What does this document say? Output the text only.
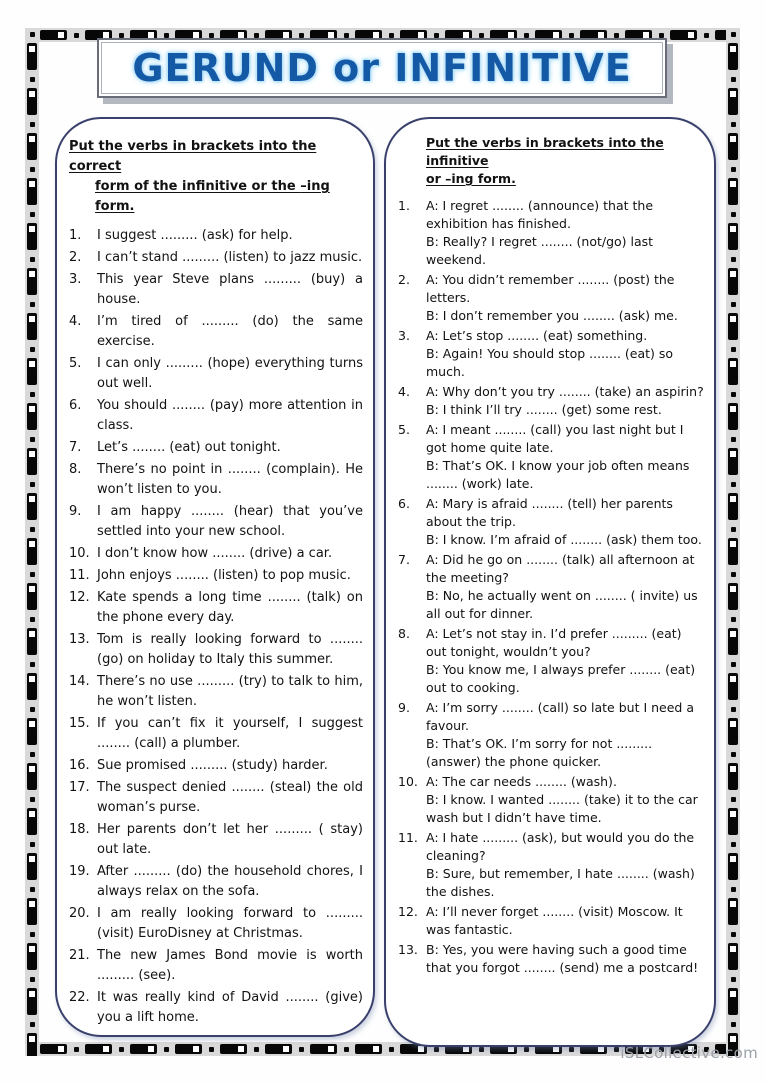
GERUND or INFINITIVE
Put the verbs in brackets into the correct
form of the infinitive or the –ing form.
1.	I suggest ......... (ask) for help.
2.	I can’t stand ......... (listen) to jazz music.
3.	This year Steve plans ......... (buy) a house.
4.	I’m tired of ......... (do) the same exercise.
5.	I can only ......... (hope) everything turns out well.
6.	You should ........ (pay) more attention in class.
7.	Let’s ........ (eat) out tonight.
8.	There’s no point in ........ (complain). He won’t listen to you.
9.	I am happy ........ (hear) that you’ve settled into your new school.
10. I don’t know how ........ (drive) a car.
11. John enjoys ........ (listen) to pop music.
12. Kate spends a long time ........ (talk) on the phone every day.
13. Tom is really looking forward to ........ (go) on holiday to Italy this summer.
14. There’s no use ......... (try) to talk to him, he won’t listen.
15. If you can’t fix it yourself, I suggest ........ (call) a plumber.
16. Sue promised ......... (study) harder.
17. The suspect denied ........ (steal) the old woman’s purse.
18. Her parents don’t let her ......... ( stay) out late.
19. After ......... (do) the household chores, I always relax on the sofa.
20. I am really looking forward to ......... (visit) EuroDisney at Christmas.
21. The new James Bond movie is worth ......... (see).
22. It was really kind of David ........ (give) you a lift home.
Put the verbs in brackets into the infinitive
or –ing form.
1.	A: I regret ........ (announce) that the exhibition has finished.
B: Really? I regret ........ (not/go) last weekend.
2.	A: You didn’t remember ........ (post) the letters.
B: I don’t remember you ........ (ask) me.
3.	A: Let’s stop ........ (eat) something.
B: Again! You should stop ........ (eat) so much.
4.	A: Why don’t you try ........ (take) an aspirin?
B: I think I’ll try ........ (get) some rest.
5.	A: I meant ........ (call) you last night but I got home quite late.
B: That’s OK. I know your job often means ........ (work) late.
6.	A: Mary is afraid ........ (tell) her parents about the trip.
B: I know. I’m afraid of ........ (ask) them too.
7.	A: Did he go on ........ (talk) all afternoon at the meeting?
B: No, he actually went on ........ ( invite) us all out for dinner.
8.	A: Let’s not stay in. I’d prefer ......... (eat) out tonight, wouldn’t you?
B: You know me, I always prefer ........ (eat) out to cooking.
9.	A: I’m sorry ........ (call) so late but I need a favour.
B: That’s OK. I’m sorry for not ......... (answer) the phone quicker.
10. A: The car needs ........ (wash).
B: I know. I wanted ........ (take) it to the car wash but I didn’t have time.
11. A: I hate ......... (ask), but would you do the cleaning?
B: Sure, but remember, I hate ........ (wash) the dishes.
12. A: I’ll never forget ........ (visit) Moscow. It was fantastic.
13. B: Yes, you were having such a good time that you forgot ........ (send) me a postcard!
iSLCollective.com
